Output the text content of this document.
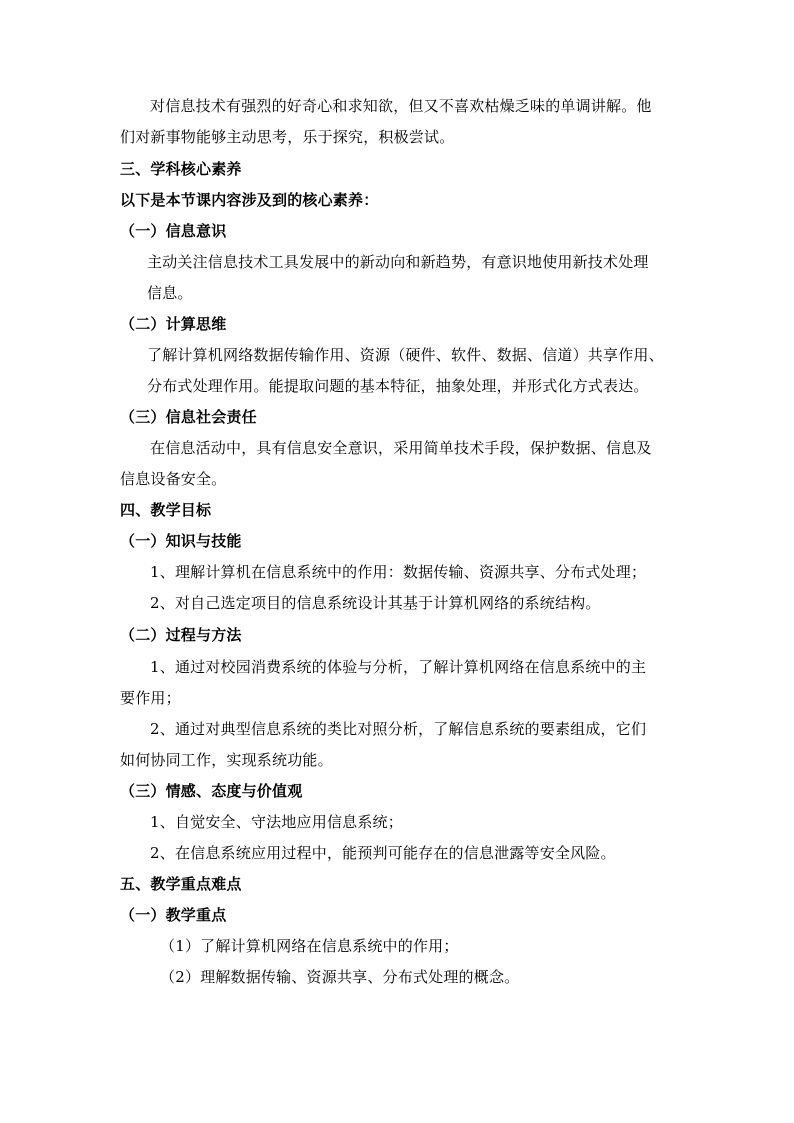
对信息技术有强烈的好奇心和求知欲，但又不喜欢枯燥乏味的单调讲解。他
们对新事物能够主动思考，乐于探究，积极尝试。
三、学科核心素养
以下是本节课内容涉及到的核心素养：
（一）信息意识
主动关注信息技术工具发展中的新动向和新趋势，有意识地使用新技术处理
信息。
（二）计算思维
了解计算机网络数据传输作用、资源（硬件、软件、数据、信道）共享作用、
分布式处理作用。能提取问题的基本特征，抽象处理，并形式化方式表达。
（三）信息社会责任
在信息活动中，具有信息安全意识，采用简单技术手段，保护数据、信息及
信息设备安全。
四、教学目标
（一）知识与技能
1、理解计算机在信息系统中的作用：数据传输、资源共享、分布式处理；
2、对自己选定项目的信息系统设计其基于计算机网络的系统结构。
（二）过程与方法
1、通过对校园消费系统的体验与分析，了解计算机网络在信息系统中的主
要作用；
2、通过对典型信息系统的类比对照分析，了解信息系统的要素组成，它们
如何协同工作，实现系统功能。
（三）情感、态度与价值观
1、自觉安全、守法地应用信息系统；
2、在信息系统应用过程中，能预判可能存在的信息泄露等安全风险。
五、教学重点难点
（一）教学重点
（1）了解计算机网络在信息系统中的作用；
（2）理解数据传输、资源共享、分布式处理的概念。
